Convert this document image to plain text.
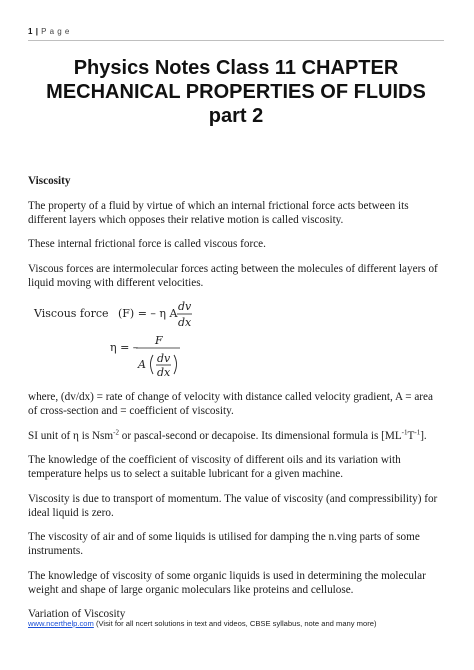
1 | P a g e
Physics Notes Class 11 CHAPTER
MECHANICAL PROPERTIES OF FLUIDS
part 2

Viscosity

The property of a fluid by virtue of which an internal frictional force acts between its different layers which opposes their relative motion is called viscosity.

These internal frictional force is called viscous force.

Viscous forces are intermolecular forces acting between the molecules of different layers of liquid moving with different velocities.

Viscous force (F) = – η A
dv
dx
η = –
F
A dv
dx

where, (dv/dx) = rate of change of velocity with distance called velocity gradient, A = area of cross-section and = coefficient of viscosity.

SI unit of η is Nsm$^{-2}$ or pascal-second or decapoise. Its dimensional formula is $[ML^{-1}T^{-1}]$.

The knowledge of the coefficient of viscosity of different oils and its variation with temperature helps us to select a suitable lubricant for a given machine.

Viscosity is due to transport of momentum. The value of viscosity (and compressibility) for ideal liquid is zero.

The viscosity of air and of some liquids is utilised for damping the n.ving parts of some instruments.

The knowledge of viscosity of some organic liquids is used in determining the molecular weight and shape of large organic moleculars like proteins and cellulose.

Variation of Viscosity

www.ncerthelp.com (Visit for all ncert solutions in text and videos, CBSE syllabus, note and many more)
